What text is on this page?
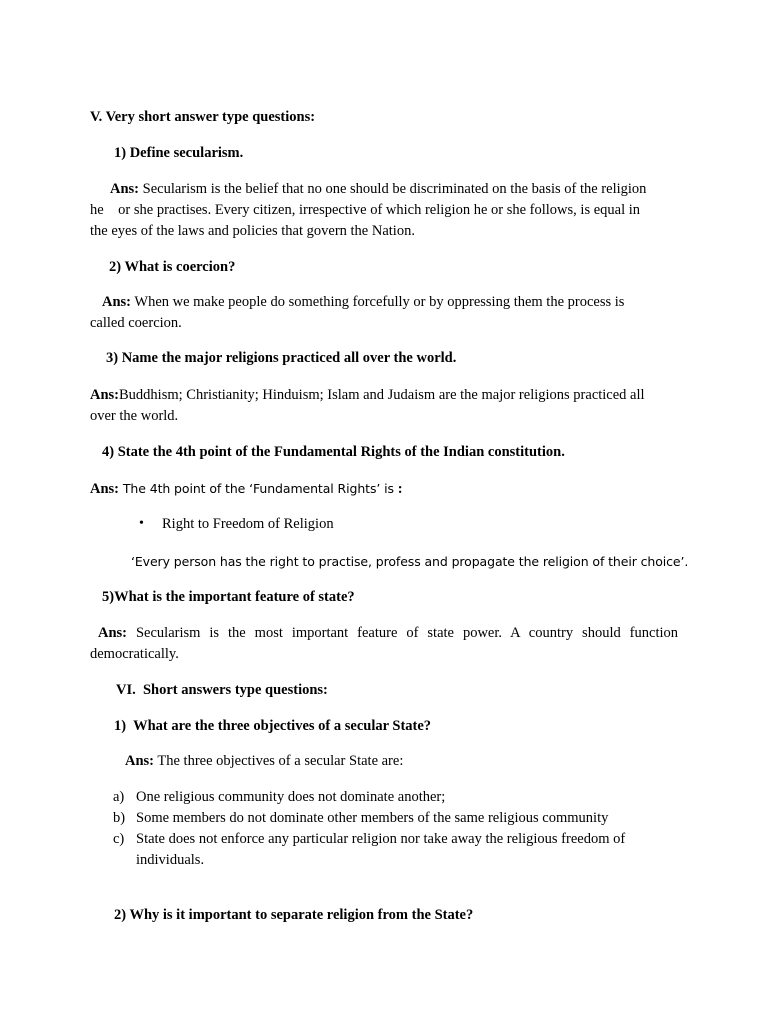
V. Very short answer type questions:
1) Define secularism.
Ans: Secularism is the belief that no one should be discriminated on the basis of the religion
he    or she practises. Every citizen, irrespective of which religion he or she follows, is equal in
the eyes of the laws and policies that govern the Nation.
2) What is coercion?
Ans: When we make people do something forcefully or by oppressing them the process is
called coercion.
3) Name the major religions practiced all over the world.
Ans:Buddhism; Christianity; Hinduism; Islam and Judaism are the major religions practiced all
over the world.
4) State the 4th point of the Fundamental Rights of the Indian constitution.
Ans: The 4th point of the ‘Fundamental Rights’ is :
• Right to Freedom of Religion
‘Every person has the right to practise, profess and propagate the religion of their choice’.
5)What is the important feature of state?
Ans: Secularism is the most important feature of state power. A country should function
democratically.
VI.  Short answers type questions:
1)  What are the three objectives of a secular State?
Ans: The three objectives of a secular State are:
a) One religious community does not dominate another;
b) Some members do not dominate other members of the same religious community
c) State does not enforce any particular religion nor take away the religious freedom of
individuals.
2) Why is it important to separate religion from the State?
